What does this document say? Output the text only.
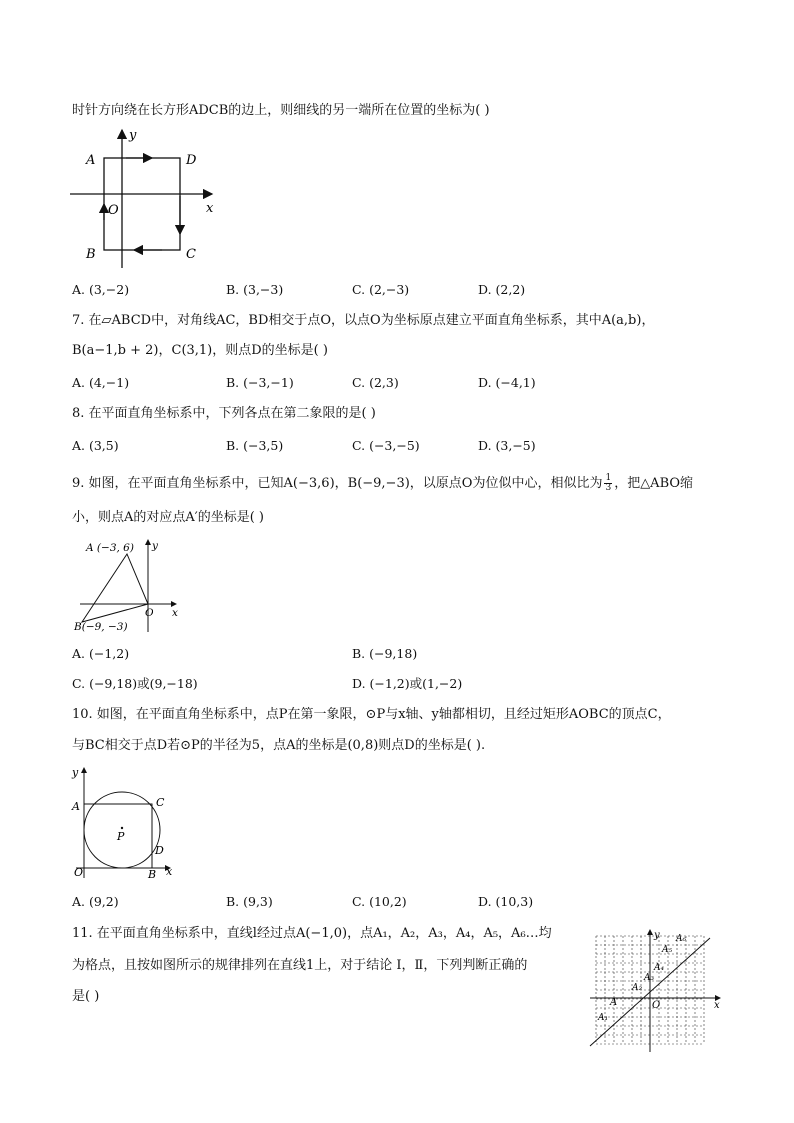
时针方向绕在长方形ADCB的边上，则细线的另一端所在位置的坐标为( )
y
A	D
O	x
B	C
A. (3,−2)	B. (3,−3)	C. (2,−3)	D. (2,2)
7. 在▱ABCD中，对角线AC，BD相交于点O，以点O为坐标原点建立平面直角坐标系，其中A(a,b)，
B(a−1,b + 2)，C(3,1)，则点D的坐标是( )
A. (4,−1)	B. (−3,−1)	C. (2,3)	D. (−4,1)
8. 在平面直角坐标系中，下列各点在第二象限的是( )
A. (3,5)	B. (−3,5)	C. (−3,−5)	D. (3,−5)
9. 如图，在平面直角坐标系中，已知A(−3,6)，B(−9,−3)，以原点O为位似中心，相似比为 $\frac{1}{3}$ ，把△ABO缩
小，则点A的对应点A′的坐标是( )
A (−3, 6) y
O x
B(−9, −3)
A. (−1,2)	B. (−9,18)
C. (−9,18)或(9,−18)	D. (−1,2)或(1,−2)
10. 如图，在平面直角坐标系中，点P在第一象限，⊙P与x轴、y轴都相切，且经过矩形AOBC的顶点C，
与BC相交于点D若⊙P的半径为5，点A的坐标是(0,8)则点D的坐标是( ).
y
A	C
P
D
O	B x
A. (9,2)	B. (9,3)	C. (10,2)	D. (10,3)
11. 在平面直角坐标系中，直线l经过点A(−1,0)，点A₁，A₂，A₃，A₄，A₅，A₆…均
为格点，且按如图所示的规律排列在直线1上，对于结论 Ⅰ，Ⅱ，下列判断正确的
是( )
y A₆
A₅
A₄
A₃
A₂
A	O	x
A₁
